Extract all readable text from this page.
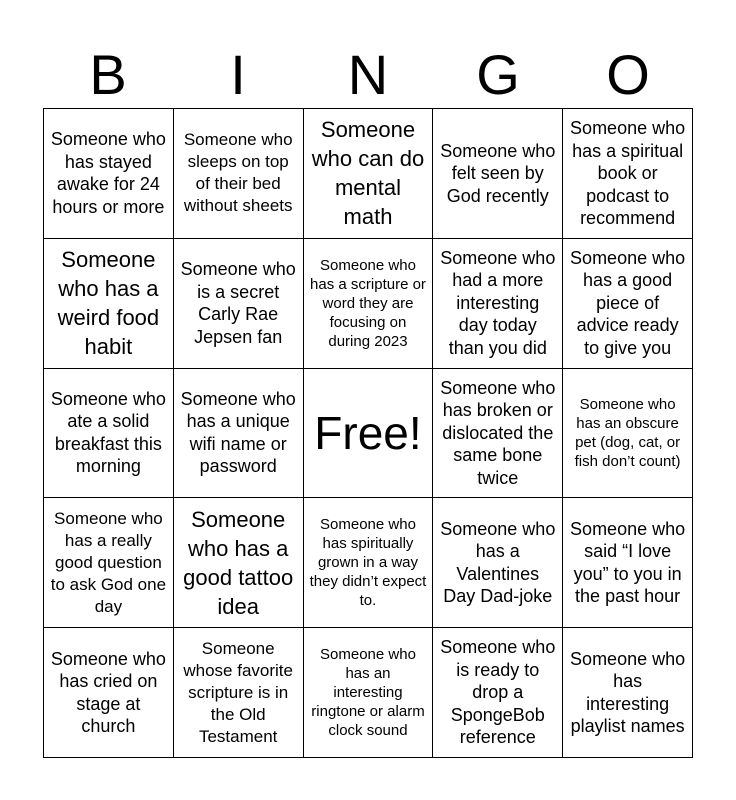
B	I	N	G	O
Someone who has stayed awake for 24 hours or more
Someone who sleeps on top of their bed without sheets
Someone who can do mental math
Someone who felt seen by God recently
Someone who has a spiritual book or podcast to recommend
Someone who has a weird food habit
Someone who is a secret Carly Rae Jepsen fan
Someone who has a scripture or word they are focusing on during 2023
Someone who had a more interesting day today than you did
Someone who has a good piece of advice ready to give you
Someone who ate a solid breakfast this morning
Someone who has a unique wifi name or password
Free!
Someone who has broken or dislocated the same bone twice
Someone who has an obscure pet (dog, cat, or fish don’t count)
Someone who has a really good question to ask God one day
Someone who has a good tattoo idea
Someone who has spiritually grown in a way they didn’t expect to.
Someone who has a Valentines Day Dad-joke
Someone who said “I love you” to you in the past hour
Someone who has cried on stage at church
Someone whose favorite scripture is in the Old Testament
Someone who has an interesting ringtone or alarm clock sound
Someone who is ready to drop a SpongeBob reference
Someone who has interesting playlist names
